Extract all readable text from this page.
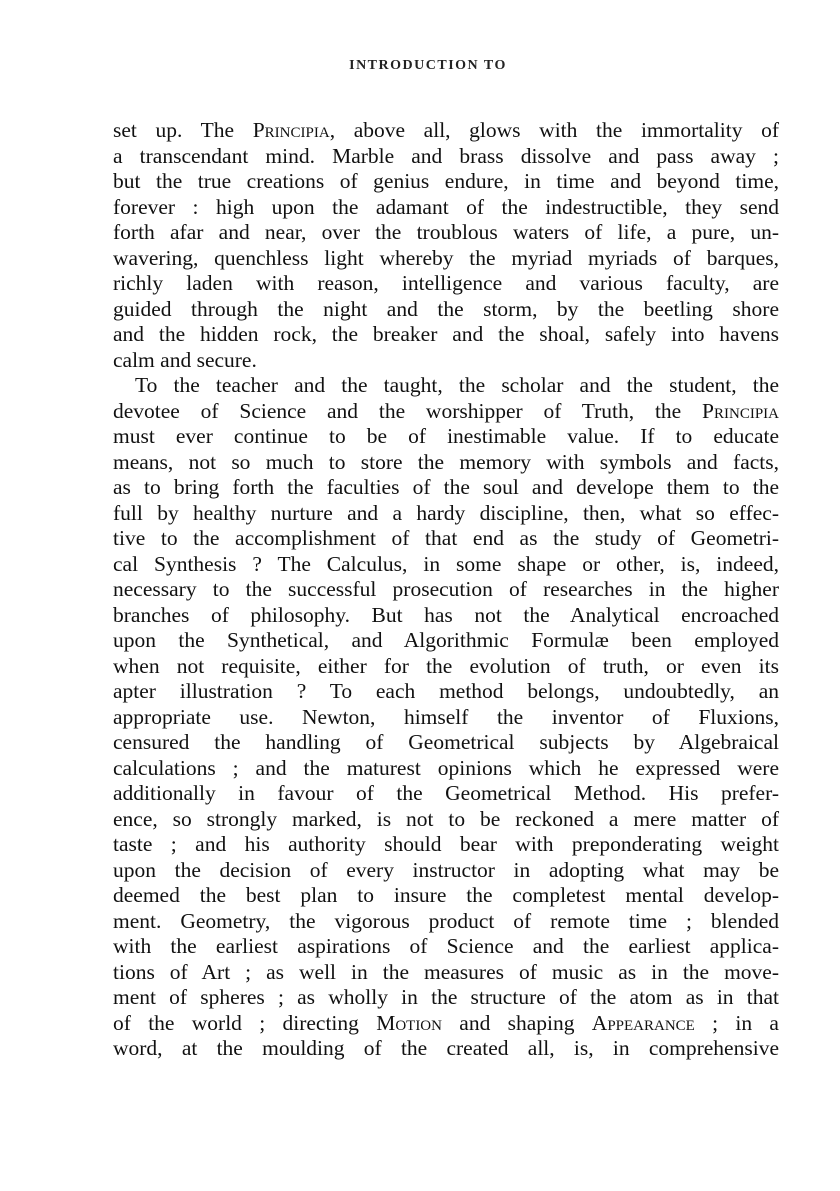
INTRODUCTION TO
set up. The Principia, above all, glows with the immortality of
a transcendant mind. Marble and brass dissolve and pass away ;
but the true creations of genius endure, in time and beyond time,
forever : high upon the adamant of the indestructible, they send
forth afar and near, over the troublous waters of life, a pure, un-
wavering, quenchless light whereby the myriad myriads of barques,
richly laden with reason, intelligence and various faculty, are
guided through the night and the storm, by the beetling shore
and the hidden rock, the breaker and the shoal, safely into havens
calm and secure.
To the teacher and the taught, the scholar and the student, the
devotee of Science and the worshipper of Truth, the Principia
must ever continue to be of inestimable value. If to educate
means, not so much to store the memory with symbols and facts,
as to bring forth the faculties of the soul and develope them to the
full by healthy nurture and a hardy discipline, then, what so effec-
tive to the accomplishment of that end as the study of Geometri-
cal Synthesis ? The Calculus, in some shape or other, is, indeed,
necessary to the successful prosecution of researches in the higher
branches of philosophy. But has not the Analytical encroached
upon the Synthetical, and Algorithmic Formulæ been employed
when not requisite, either for the evolution of truth, or even its
apter illustration ? To each method belongs, undoubtedly, an
appropriate use. Newton, himself the inventor of Fluxions,
censured the handling of Geometrical subjects by Algebraical
calculations ; and the maturest opinions which he expressed were
additionally in favour of the Geometrical Method. His prefer-
ence, so strongly marked, is not to be reckoned a mere matter of
taste ; and his authority should bear with preponderating weight
upon the decision of every instructor in adopting what may be
deemed the best plan to insure the completest mental develop-
ment. Geometry, the vigorous product of remote time ; blended
with the earliest aspirations of Science and the earliest applica-
tions of Art ; as well in the measures of music as in the move-
ment of spheres ; as wholly in the structure of the atom as in that
of the world ; directing Motion and shaping Appearance ; in a
word, at the moulding of the created all, is, in comprehensive
